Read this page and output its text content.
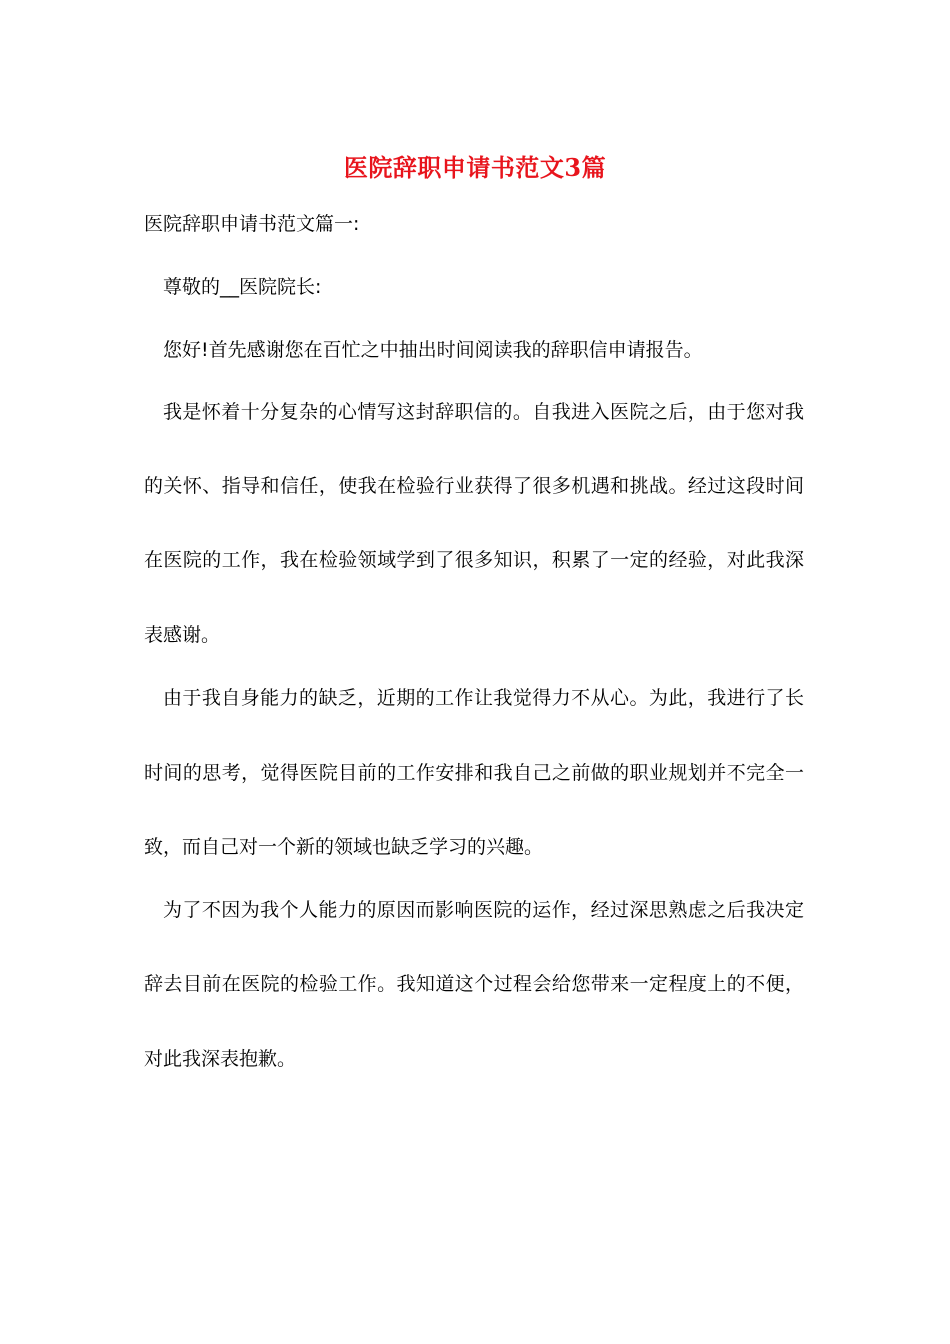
医院辞职申请书范文3篇
医院辞职申请书范文篇一:
尊敬的__医院院长:
您好!首先感谢您在百忙之中抽出时间阅读我的辞职信申请报告。
我是怀着十分复杂的心情写这封辞职信的。自我进入医院之后，由于您对我
的关怀、指导和信任，使我在检验行业获得了很多机遇和挑战。经过这段时间
在医院的工作，我在检验领域学到了很多知识，积累了一定的经验，对此我深
表感谢。
由于我自身能力的缺乏，近期的工作让我觉得力不从心。为此，我进行了长
时间的思考，觉得医院目前的工作安排和我自己之前做的职业规划并不完全一
致，而自己对一个新的领域也缺乏学习的兴趣。
为了不因为我个人能力的原因而影响医院的运作，经过深思熟虑之后我决定
辞去目前在医院的检验工作。我知道这个过程会给您带来一定程度上的不便，
对此我深表抱歉。
